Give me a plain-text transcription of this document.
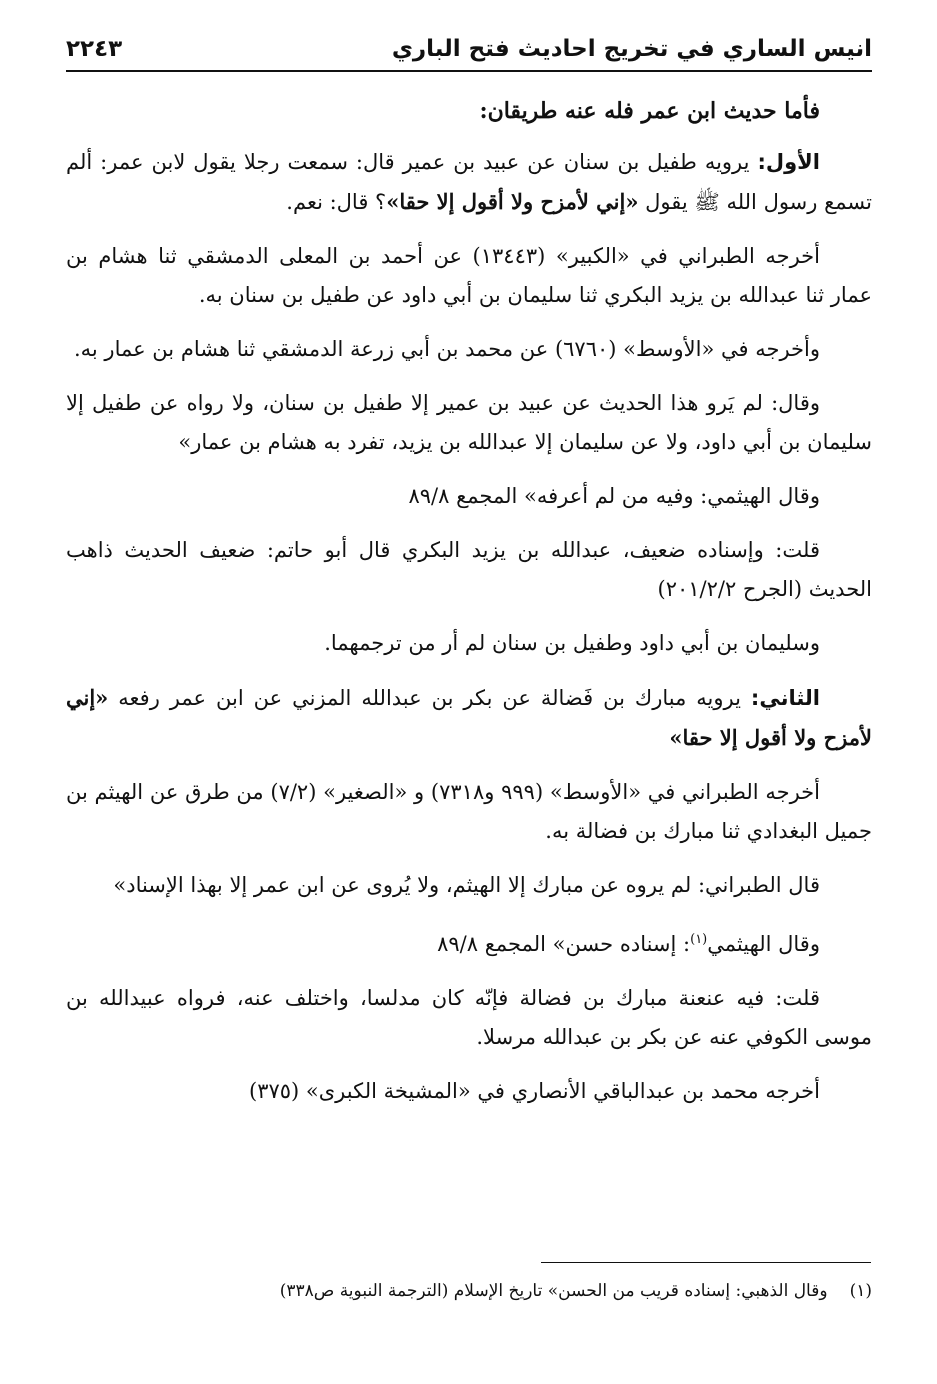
انيس الساري في تخريج احاديث فتح الباري
٢٢٤٣

فأما حديث ابن عمر فله عنه طريقان:

الأول: يرويه طفيل بن سنان عن عبيد بن عمير قال: سمعت رجلا يقول لابن عمر: ألم تسمع رسول الله ﷺ يقول «إني لأمزح ولا أقول إلا حقا»؟ قال: نعم.

أخرجه الطبراني في «الكبير» (١٣٤٤٣) عن أحمد بن المعلى الدمشقي ثنا هشام بن عمار ثنا عبدالله بن يزيد البكري ثنا سليمان بن أبي داود عن طفيل بن سنان به.

وأخرجه في «الأوسط» (٦٧٦٠) عن محمد بن أبي زرعة الدمشقي ثنا هشام بن عمار به.

وقال: لم يَرو هذا الحديث عن عبيد بن عمير إلا طفيل بن سنان، ولا رواه عن طفيل إلا سليمان بن أبي داود، ولا عن سليمان إلا عبدالله بن يزيد، تفرد به هشام بن عمار»

وقال الهيثمي: وفيه من لم أعرفه» المجمع ٨٩/٨

قلت: وإسناده ضعيف، عبدالله بن يزيد البكري قال أبو حاتم: ضعيف الحديث ذاهب الحديث (الجرح ٢٠١/٢/٢)

وسليمان بن أبي داود وطفيل بن سنان لم أر من ترجمهما.

الثاني: يرويه مبارك بن فَضالة عن بكر بن عبدالله المزني عن ابن عمر رفعه «إني لأمزح ولا أقول إلا حقا»

أخرجه الطبراني في «الأوسط» (٩٩٩ و٧٣١٨) و «الصغير» (٧/٢) من طرق عن الهيثم بن جميل البغدادي ثنا مبارك بن فضالة به.

قال الطبراني: لم يروه عن مبارك إلا الهيثم، ولا يُروى عن ابن عمر إلا بهذا الإسناد»

وقال الهيثمي$^{(١)}$: إسناده حسن» المجمع ٨٩/٨

قلت: فيه عنعنة مبارك بن فضالة فإنّه كان مدلسا، واختلف عنه، فرواه عبيدالله بن موسى الكوفي عنه عن بكر بن عبدالله مرسلا.

أخرجه محمد بن عبدالباقي الأنصاري في «المشيخة الكبرى» (٣٧٥)

(١)وقال الذهبي: إسناده قريب من الحسن» تاريخ الإسلام (الترجمة النبوية ص٣٣٨)
